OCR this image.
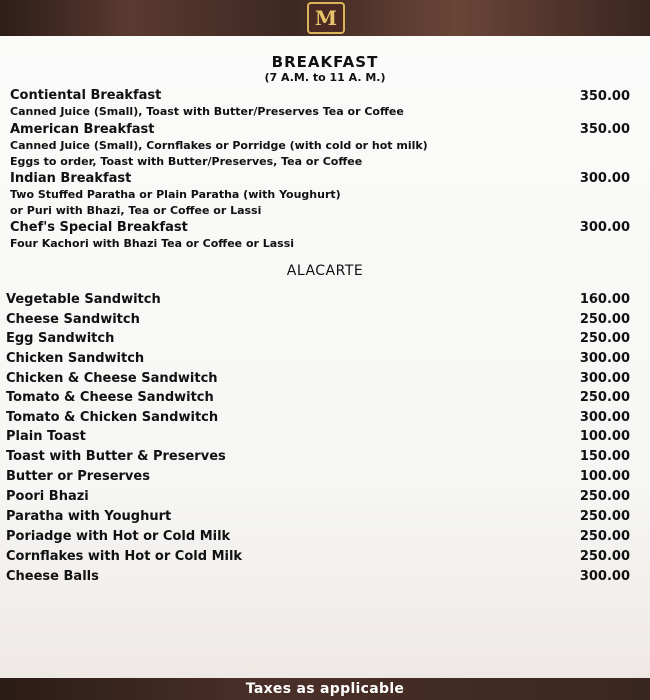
M
BREAKFAST
(7 A.M. to 11 A. M.)
Contiental Breakfast
Canned Juice (Small), Toast with Butter/Preserves Tea or Coffee
350.00
American Breakfast
Canned Juice (Small), Cornflakes or Porridge (with cold or hot milk)
Eggs to order, Toast with Butter/Preserves, Tea or Coffee
350.00
Indian Breakfast
Two Stuffed Paratha or Plain Paratha (with Youghurt)
or Puri with Bhazi, Tea or Coffee or Lassi
300.00
Chef's Special Breakfast
Four Kachori with Bhazi Tea or Coffee or Lassi
300.00
ALACARTE
Vegetable Sandwitch	160.00
Cheese Sandwitch	250.00
Egg Sandwitch	250.00
Chicken Sandwitch	300.00
Chicken & Cheese Sandwitch	300.00
Tomato & Cheese Sandwitch	250.00
Tomato & Chicken Sandwitch	300.00
Plain Toast	100.00
Toast with Butter & Preserves	150.00
Butter or Preserves	100.00
Poori Bhazi	250.00
Paratha with Youghurt	250.00
Poriadge with Hot or Cold Milk	250.00
Cornflakes with Hot or Cold Milk	250.00
Cheese Balls	300.00
Taxes as applicable
